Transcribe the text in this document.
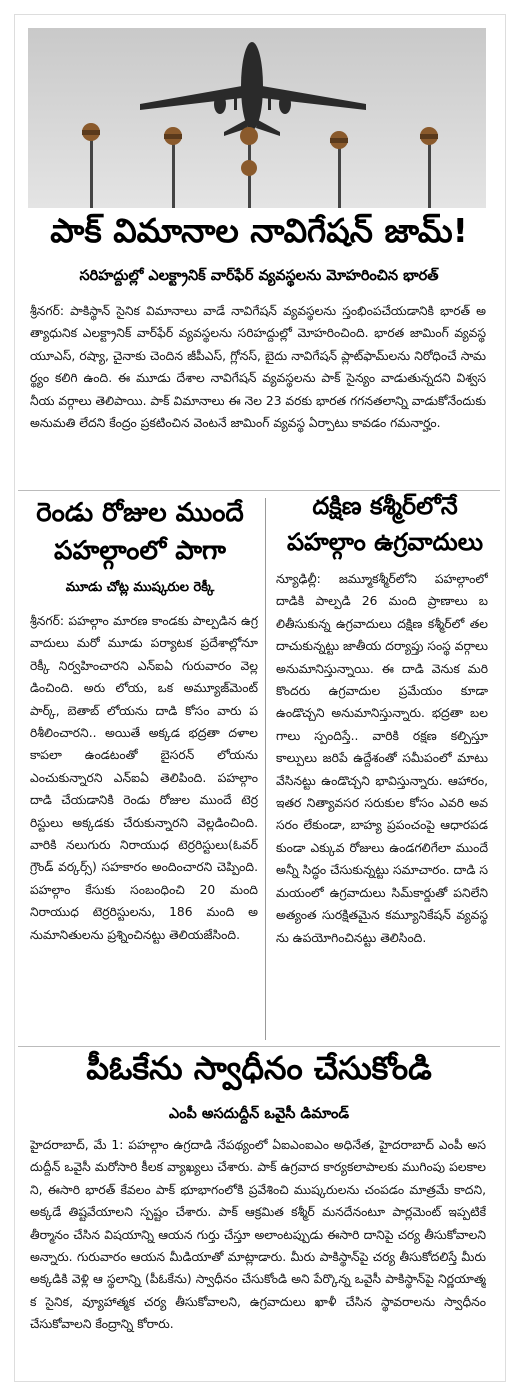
పాక్ విమానాల నావిగేషన్ జామ్!
సరిహద్దుల్లో ఎలక్ట్రానిక్ వార్‌ఫేర్ వ్యవస్థలను మోహరించిన భారత్

శ్రీనగర్: పాకిస్థాన్ సైనిక విమానాలు వాడే నావిగేషన్ వ్యవస్థలను స్తంభింపచేయడానికి భారత్ అత్యాధునిక ఎలక్ట్రానిక్ వార్‌ఫేర్ వ్యవస్థలను సరిహద్దుల్లో మోహరించింది. భారత జామింగ్ వ్యవస్థ యూఎస్, రష్యా, చైనాకు చెందిన జీపీఎస్, గ్లోనస్, బైదు నావిగేషన్ ప్లాట్‌ఫామ్‌లను నిరోధించే సామర్థ్యం కలిగి ఉంది. ఈ మూడు దేశాల నావిగేషన్ వ్యవస్థలను పాక్ సైన్యం వాడుతున్నదని విశ్వసనీయ వర్గాలు తెలిపాయి. పాక్ విమానాలు ఈ నెల 23 వరకు భారత గగనతలాన్ని వాడుకోనేందుకు అనుమతి లేదని కేంద్రం ప్రకటించిన వెంటనే జామింగ్ వ్యవస్థ ఏర్పాటు కావడం గమనార్హం.

రెండు రోజుల ముందే
పహల్గాంలో పాగా
మూడు చోట్ల ముష్కరుల రెక్కీ

శ్రీనగర్: పహల్గాం మారణ కాండకు పాల్పడిన ఉగ్రవాదులు మరో మూడు పర్యాటక ప్రదేశాల్లోనూ రెక్కీ నిర్వహించారని ఎన్ఐఏ గురువారం వెల్లడించింది. అరు లోయ, ఒక అమ్యూజ్‌మెంట్ పార్క్, బెతాబ్ లోయను దాడి కోసం వారు పరిశీలించారని.. అయితే అక్కడ భద్రతా దళాల కాపలా ఉండటంతో బైసరన్ లోయను ఎంచుకున్నారని ఎన్ఐఏ తెలిపింది. పహల్గాం దాడి చేయడానికి రెండు రోజుల ముందే టెర్రరిస్టులు అక్కడకు చేరుకున్నారని వెల్లడించింది. వారికి నలుగురు నిరాయుధ టెర్రరిస్టులు(ఓవర్ గ్రౌండ్ వర్కర్స్) సహకారం అందించారని చెప్పింది. పహల్గాం కేసుకు సంబంధించి 20 మంది నిరాయుధ టెర్రరిస్టులను, 186 మంది అనుమానితులను ప్రశ్నించినట్టు తెలియజేసింది.

దక్షిణ కశ్మీర్‌లోనే
పహల్గాం ఉగ్రవాదులు

న్యూఢిల్లీ: జమ్మూకశ్మీర్‌లోని పహల్గాంలో దాడికి పాల్పడి 26 మంది ప్రాణాలు బలితీసుకున్న ఉగ్రవాదులు దక్షిణ కశ్మీర్‌లో తలదాచుకున్నట్టు జాతీయ దర్యాప్తు సంస్థ వర్గాలు అనుమానిస్తున్నాయి. ఈ దాడి వెనుక మరి కొందరు ఉగ్రవాదుల ప్రమేయం కూడా ఉండొచ్చని అనుమానిస్తున్నారు. భద్రతా బలగాలు స్పందిస్తే.. వారికి రక్షణ కల్పిస్తూ కాల్పులు జరిపే ఉద్దేశంతో సమీపంలో మాటు వేసినట్టు ఉండొచ్చని భావిస్తున్నారు. ఆహారం, ఇతర నిత్యావసర సరుకుల కోసం ఎవరి అవసరం లేకుండా, బాహ్య ప్రపంచంపై ఆధారపడకుండా ఎక్కువ రోజులు ఉండగలిగేలా ముందే అన్నీ సిద్ధం చేసుకున్నట్టు సమాచారం. దాడి సమయంలో ఉగ్రవాదులు సిమ్‌కార్డుతో పనిలేని అత్యంత సురక్షితమైన కమ్యూనికేషన్ వ్యవస్థను ఉపయోగించినట్టు తెలిసింది.

పీఓకేను స్వాధీనం చేసుకోండి
ఎంపీ అసదుద్దీన్ ఒవైసీ డిమాండ్

హైదరాబాద్, మే 1: పహల్గాం ఉగ్రదాడి నేపథ్యంలో ఏఐఎంఐఎం అధినేత, హైదరాబాద్ ఎంపీ అసదుద్దీన్ ఒవైసీ మరోసారి కీలక వ్యాఖ్యలు చేశారు. పాక్ ఉగ్రవాద కార్యకలాపాలకు ముగింపు పలకాలని, ఈసారి భారత్ కేవలం పాక్ భూభాగంలోకి ప్రవేశించి ముష్కరులను చంపడం మాత్రమే కాదని, అక్కడే తిష్టవేయాలని స్పష్టం చేశారు. పాక్ ఆక్రమిత కశ్మీర్ మనదేనంటూ పార్లమెంట్ ఇప్పటికే తీర్మానం చేసిన విషయాన్ని ఆయన గుర్తు చేస్తూ అలాంటప్పుడు ఈసారి దానిపై చర్య తీసుకోవాలని అన్నారు. గురువారం ఆయన మీడియాతో మాట్లాడారు. మీరు పాకిస్థాన్‌పై చర్య తీసుకోదలిస్తే మీరు అక్కడికి వెళ్లి ఆ స్థలాన్ని (పీఓకేను) స్వాధీనం చేసుకోండి అని పేర్కొన్న ఒవైసీ పాకిస్థాన్‌పై నిర్ణయాత్మక సైనిక, వ్యూహాత్మక చర్య తీసుకోవాలని, ఉగ్రవాదులు ఖాళీ చేసిన స్థావరాలను స్వాధీనం చేసుకోవాలని కేంద్రాన్ని కోరారు.
